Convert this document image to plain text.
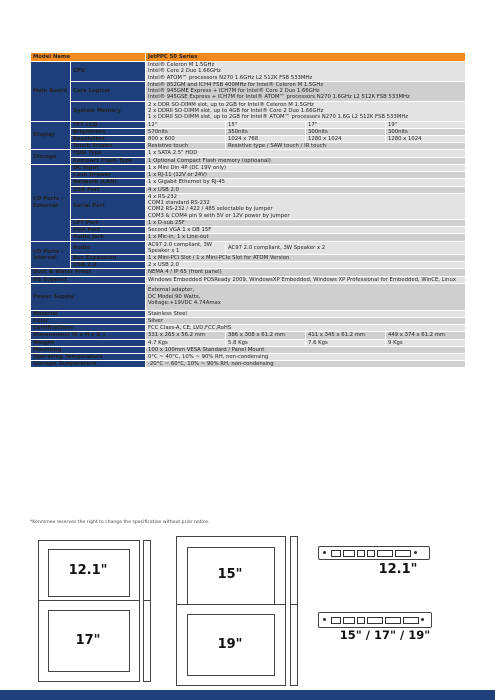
Model Name		JetPPC 50 Series			
Main Board	CPU	Intel® Celeron M 1.5GHz
Intel® Core 2 Duo 1.66GHz
Intel® ATOM™ processors N270 1.6GHz L2 512K FSB 533MHz			

	Core Logical	Intel® 852GM and ICH4 FSB 400MHz for Intel® Celeron M 1.5GHz
Intel® 945GME Express + ICH7M for Intel® Core 2 Duo 1.66GHz
Intel® 945GSE Express + ICH7M for Intel® ATOM™ processors N270 1.6GHz L2 512K FSB 533MHz			

	System Memory	2 x DDR SO-DIMM slot, up to 2GB for Intel® Celeron M 1.5GHz
2 x DDRII SO-DIMM slot, up to 4GB for Intel® Core 2 Duo 1.66GHz
1 x DDRII SO-DIMM slot, up to 2GB for Intel® ATOM™ processors N270 1.6G L2 512K FSB 533MHz			

Display	TFT LCD	12"	15"	17"	19"
	Brightness	570nits	350nits	300nits	300nits
	Resolution	800 x 600	1024 x 768	1280 x 1024	1280 x 1024
	Touch Screen	Resistive touch	Resistive type / SAW touch / IR touch		
Storage	HDD Type	1 x SATA 2.5" HDD			
	Compact Flash Type	1 Optional Compact Flash memory (optioanal)			
I/O Ports -External	DC Input	1 x Mini Din 4P (DC 19V only)			
	Cash Drawer	1 x RJ-11 (12V or 24V)			
	Network (LAN)	1 x Gigabit Ethernet by RJ-45			
	USB Port	4 x USB 2.0			
	Serial Port	4 x RS-232
COM1 standard RS-232
COM2 RS-232 / 422 / 485 selectable by jumper
COM3 & COM4 pin 9 with 5V or 12V power by jumper			

	LPT Port	1 x D-sub 25F			
	VGA Port	Second VGA 1 x DB 15F			
	Audio Jack	1 x Mic-in, 1 x Line-out			
I/O Ports -Internal	Audio	AC97 2.0 compliant, 3W Speaker x 1	AC97 2.0 compliant, 3W Speaker x 2		
	Bus Expansion	1 x Mini-PCI Slot / 1 x Mini-PCIe Slot for ATOM Version			
	USB 2.0	2 x USB 2.0			
Dust & Water Proof		NEMA 4 / IP 65 (front panel)			
OS Support		Windows Embedded POSReady 2009, WindowsXP Embedded, Windows XP Professional for Embedded, WinCE, Linux			
Power Supply		External adapter,
DC Model:90 Watts,
Voltage:+19VDC 4.74Amax			

Material		Stainless Steel			
Color		Silver			
Certifications		FCC Class-A, CE, LVD,FCC,RoHS			
Dimensions( W x H x D )		331 x 265 x 56.2 mm	386 x 308 x 61.2 mm	411 x 345 x 61.2 mm	449 x 374 x 61.2 mm
Weight		4.7 Kgs	5.8 Kgs	7.6 Kgs	9 Kgs
Mounting		100 x 100mm VESA Standard / Panel Mount			
Operating Temperature		0°C ~ 40°C, 10% ~ 90% RH, non-condensing			
Storage Temperature		-20°C ~ 60°C, 10% ~ 90% RH, non-condensing			
*Kenmmex reserves the right to change the specification without prior notice.
12.1"	15"
17"	19"
12.1"
15" / 17" / 19"
